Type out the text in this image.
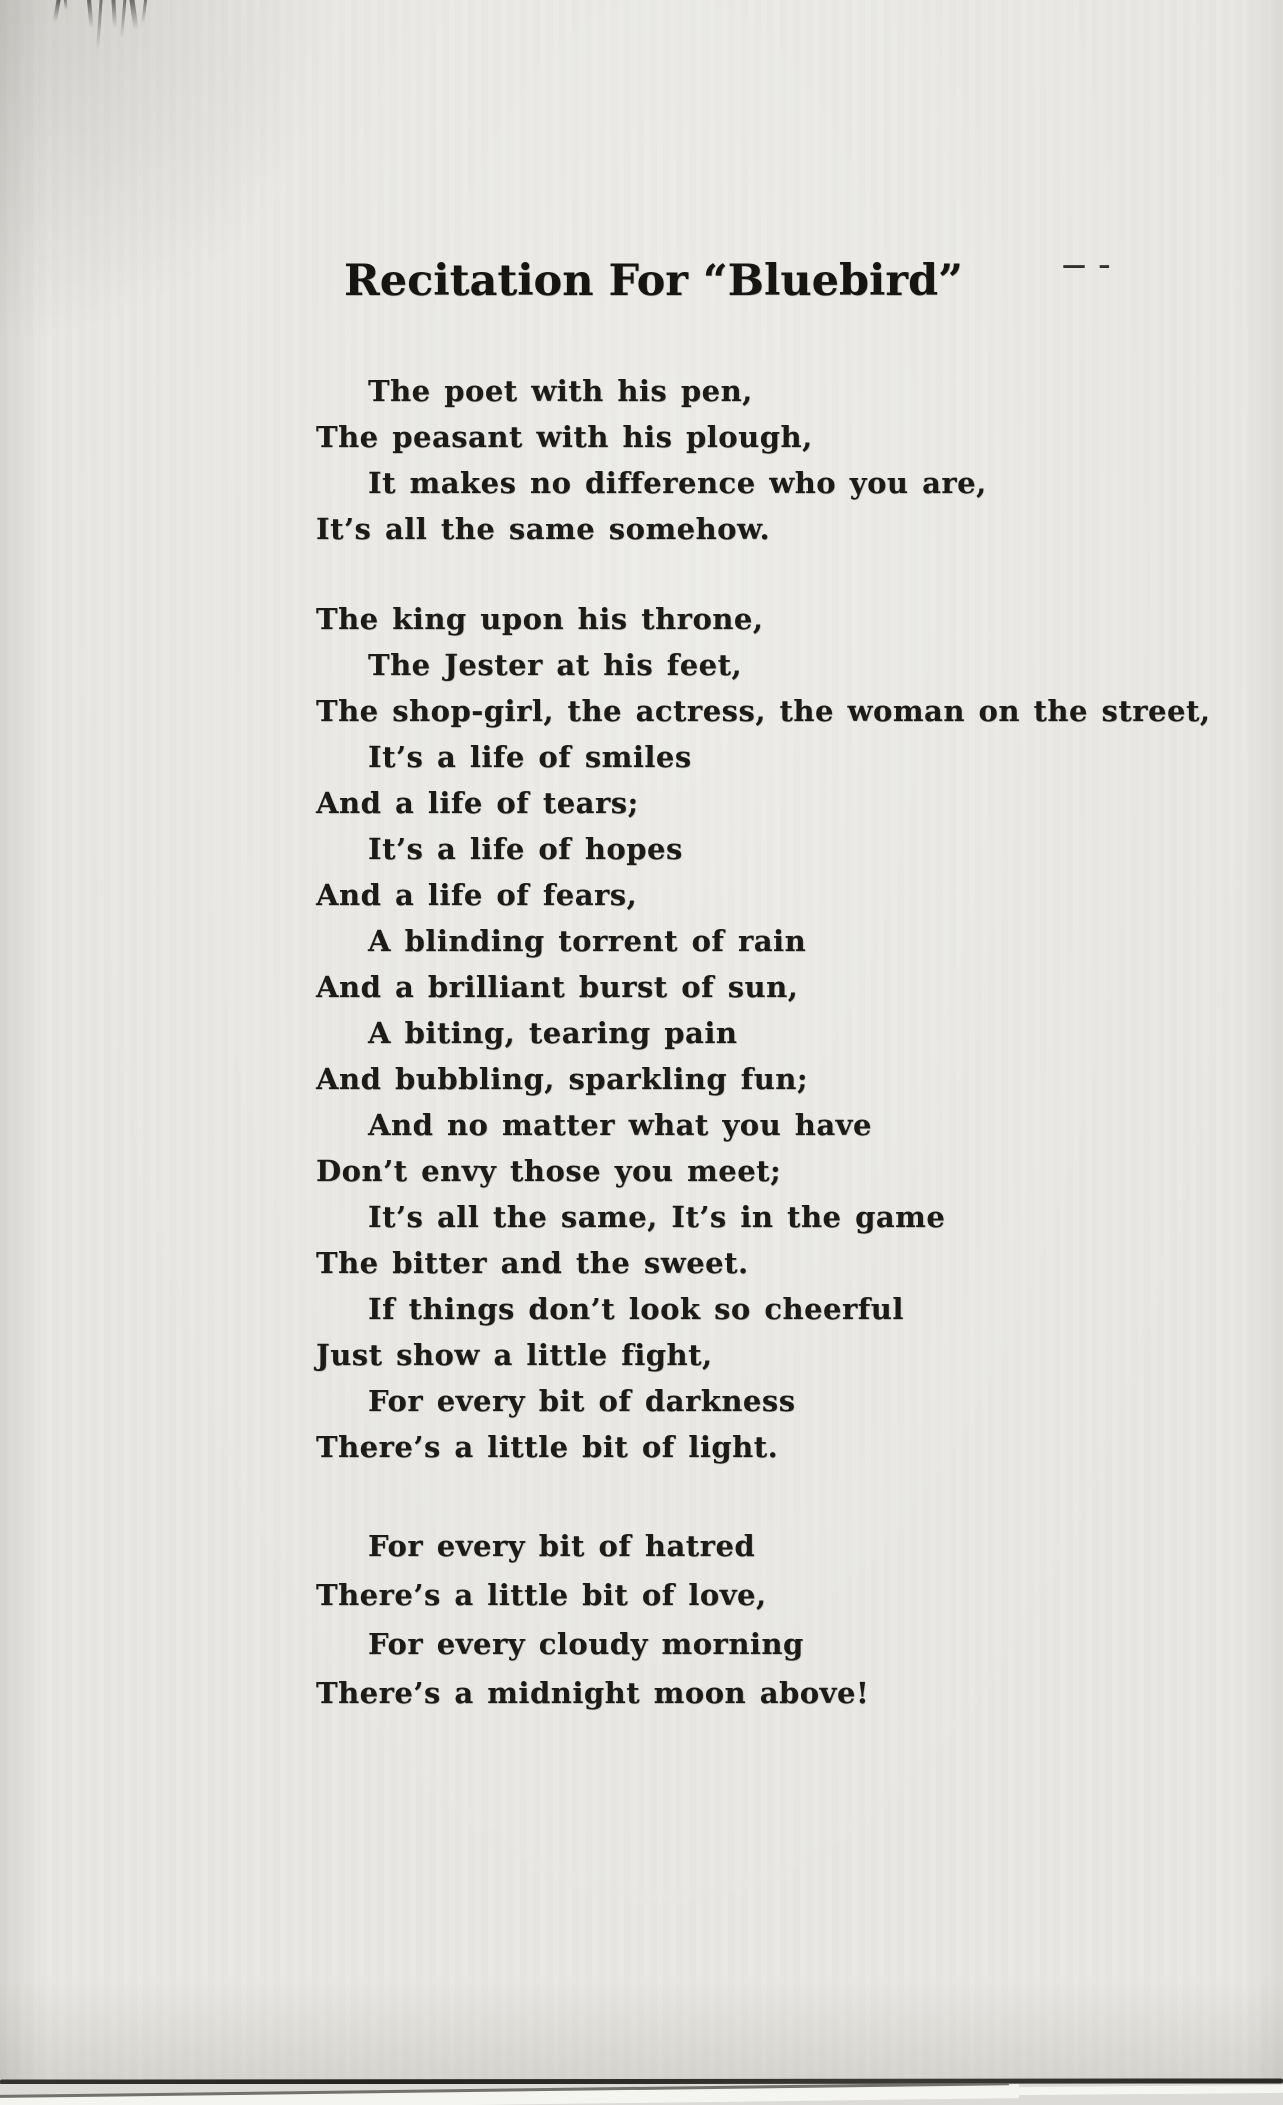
Recitation For “Bluebird”	— –

The poet with his pen,

The peasant with his plough,

It makes no difference who you are,

It’s all the same somehow.

The king upon his throne,

The Jester at his feet,

The shop-girl, the actress, the woman on the street,

It’s a life of smiles

And a life of tears;

It’s a life of hopes

And a life of fears,

A blinding torrent of rain

And a brilliant burst of sun,

A biting, tearing pain

And bubbling, sparkling fun;

And no matter what you have

Don’t envy those you meet;

It’s all the same, It’s in the game

The bitter and the sweet.

If things don’t look so cheerful

Just show a little fight,

For every bit of darkness

There’s a little bit of light.

For every bit of hatred

There’s a little bit of love,

For every cloudy morning

There’s a midnight moon above!
